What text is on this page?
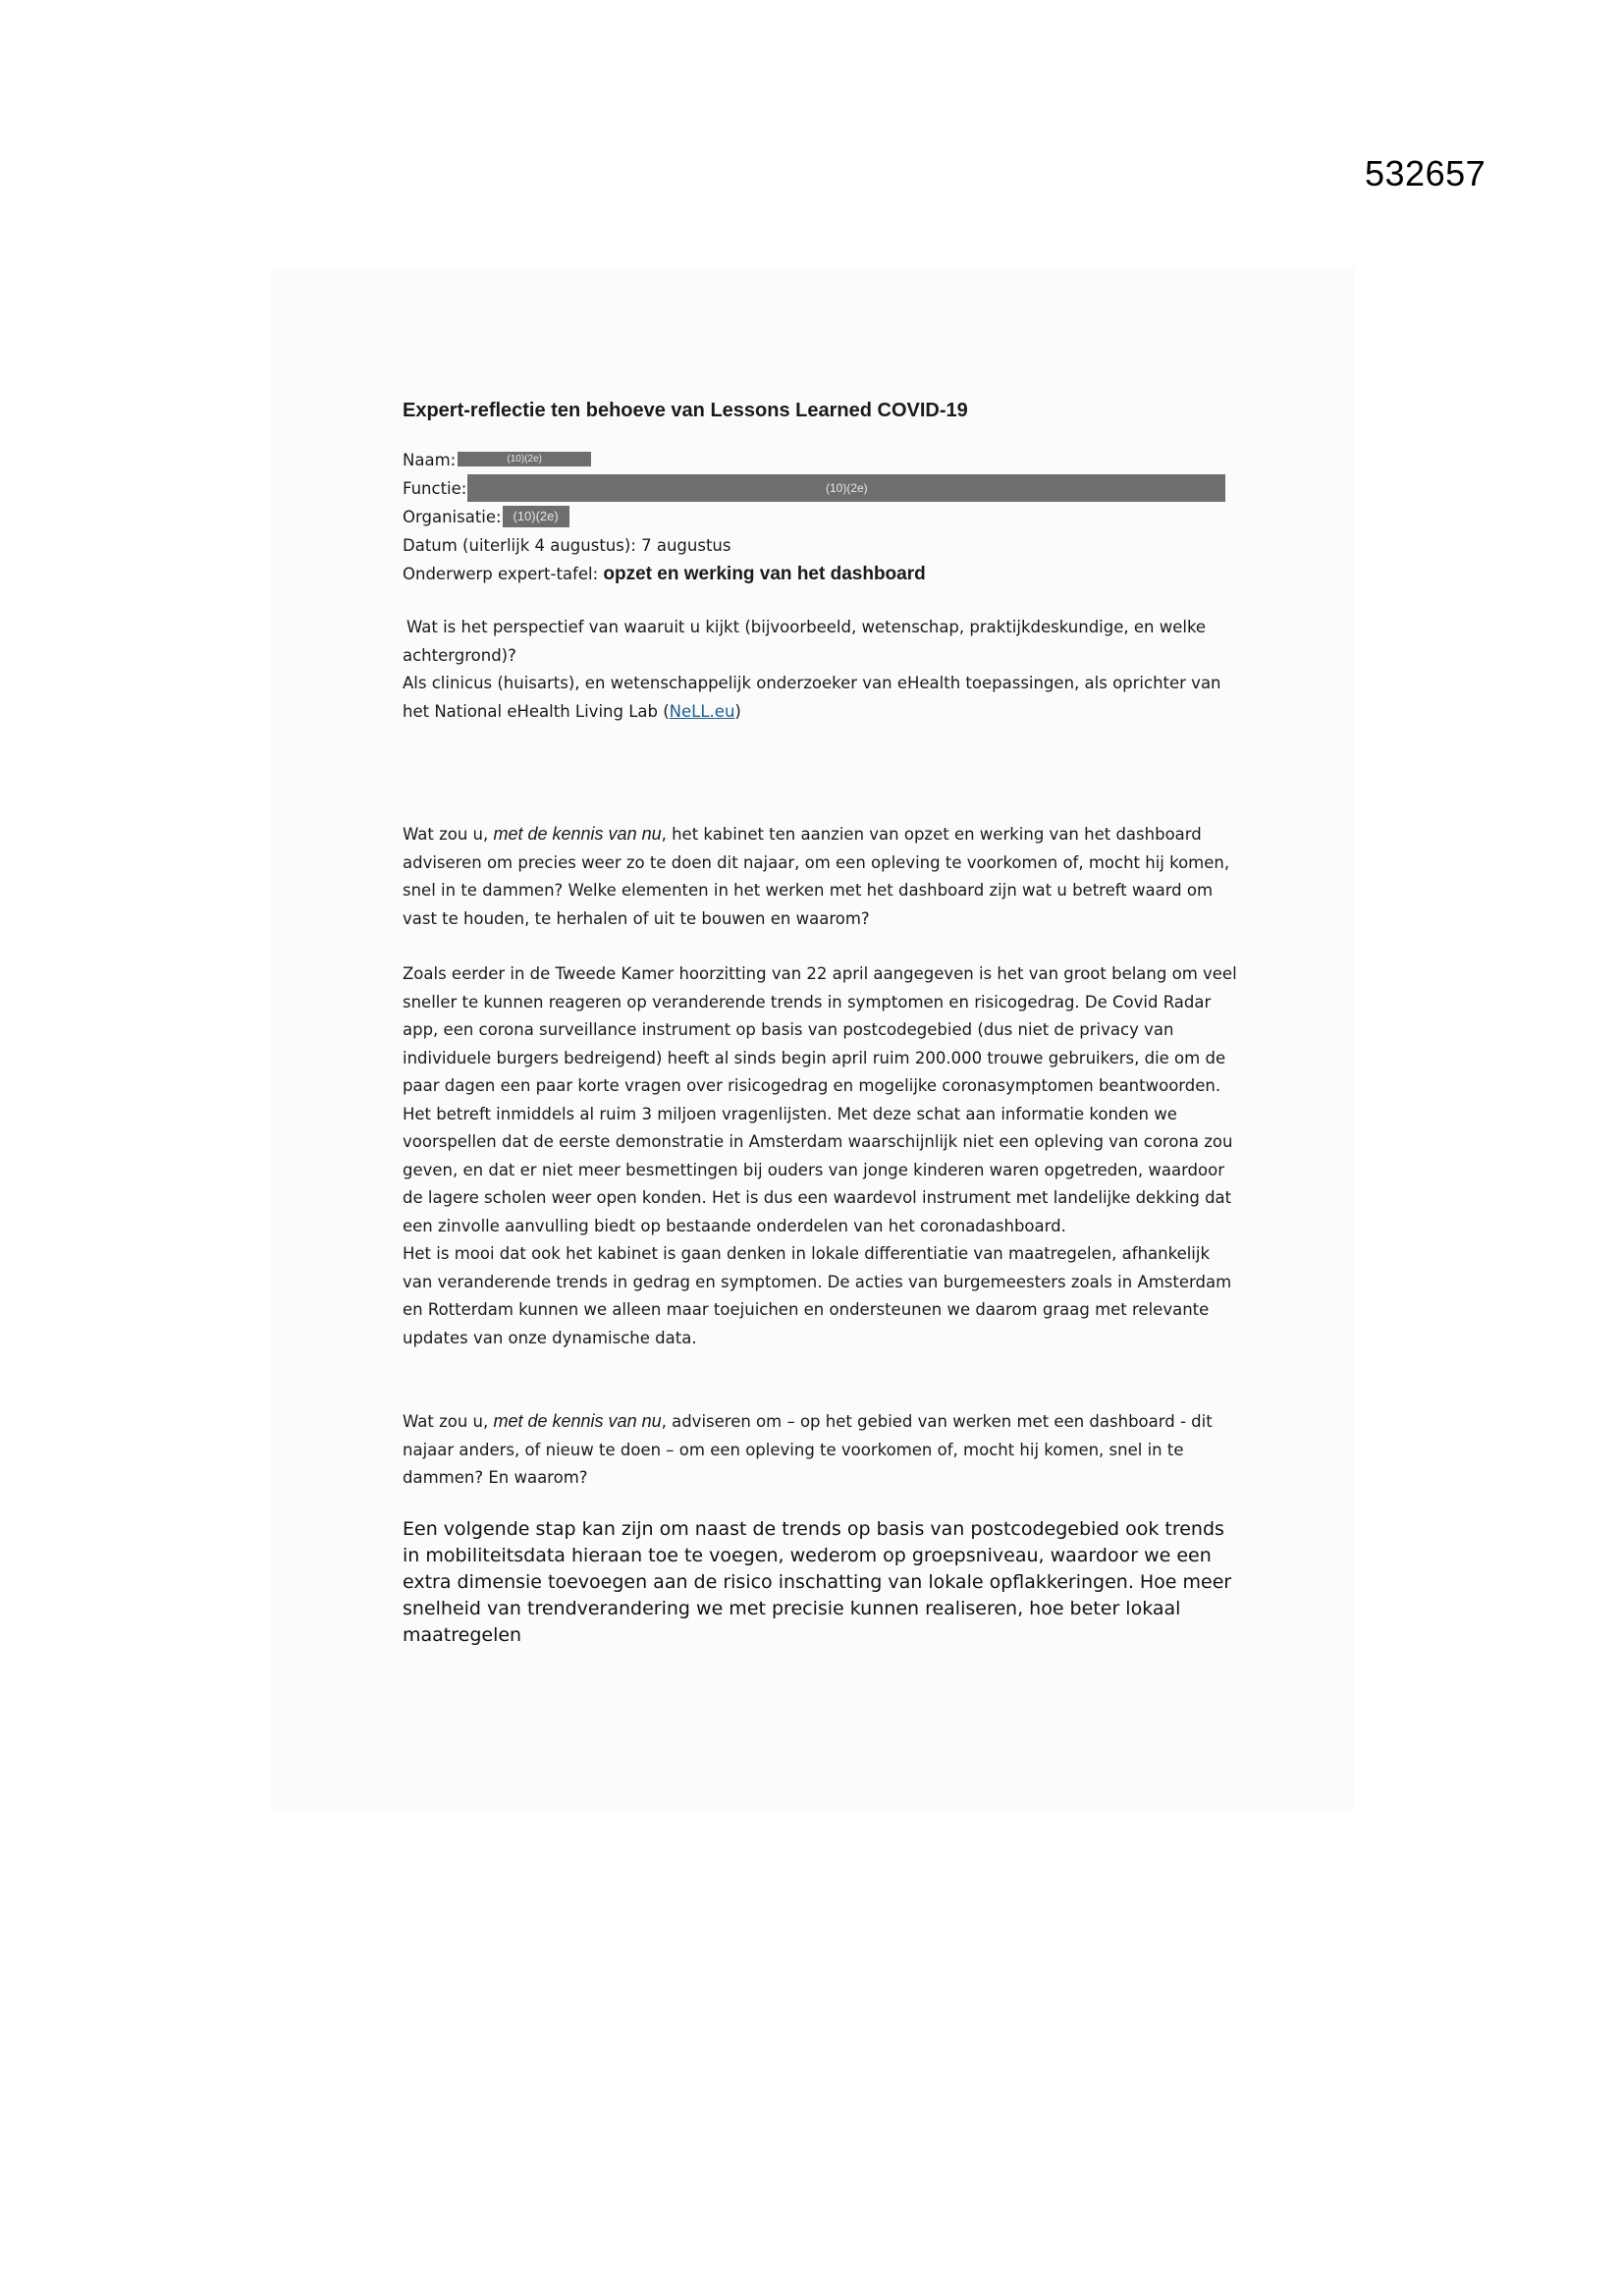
532657
Expert-reflectie ten behoeve van Lessons Learned COVID-19
Naam:	(10)(2e)
Functie:	(10)(2e)
Organisatie: (10)(2e)
Datum (uiterlijk 4 augustus): 7 augustus
Onderwerp expert-tafel: opzet en werking van het dashboard

Wat is het perspectief van waaruit u kijkt (bijvoorbeeld, wetenschap, praktijkdeskundige, en welke achtergrond)?

Als clinicus (huisarts), en wetenschappelijk onderzoeker van eHealth toepassingen, als oprichter van het National eHealth Living Lab (NeLL.eu)

Wat zou u, met de kennis van nu, het kabinet ten aanzien van opzet en werking van het dashboard adviseren om precies weer zo te doen dit najaar, om een opleving te voorkomen of, mocht hij komen, snel in te dammen? Welke elementen in het werken met het dashboard zijn wat u betreft waard om vast te houden, te herhalen of uit te bouwen en waarom?

Zoals eerder in de Tweede Kamer hoorzitting van 22 april aangegeven is het van groot belang om veel sneller te kunnen reageren op veranderende trends in symptomen en risicogedrag. De Covid Radar app, een corona surveillance instrument op basis van postcodegebied (dus niet de privacy van individuele burgers bedreigend) heeft al sinds begin april ruim 200.000 trouwe gebruikers, die om de paar dagen een paar korte vragen over risicogedrag en mogelijke coronasymptomen beantwoorden. Het betreft inmiddels al ruim 3 miljoen vragenlijsten. Met deze schat aan informatie konden we voorspellen dat de eerste demonstratie in Amsterdam waarschijnlijk niet een opleving van corona zou geven, en dat er niet meer besmettingen bij ouders van jonge kinderen waren opgetreden, waardoor de lagere scholen weer open konden. Het is dus een waardevol instrument met landelijke dekking dat een zinvolle aanvulling biedt op bestaande onderdelen van het coronadashboard.

Het is mooi dat ook het kabinet is gaan denken in lokale differentiatie van maatregelen, afhankelijk van veranderende trends in gedrag en symptomen. De acties van burgemeesters zoals in Amsterdam en Rotterdam kunnen we alleen maar toejuichen en ondersteunen we daarom graag met relevante updates van onze dynamische data.

Wat zou u, met de kennis van nu, adviseren om – op het gebied van werken met een dashboard - dit najaar anders, of nieuw te doen – om een opleving te voorkomen of, mocht hij komen, snel in te dammen? En waarom?

Een volgende stap kan zijn om naast de trends op basis van postcodegebied ook trends in mobiliteitsdata hieraan toe te voegen, wederom op groepsniveau, waardoor we een extra dimensie toevoegen aan de risico inschatting van lokale opflakkeringen. Hoe meer snelheid van trendverandering we met precisie kunnen realiseren, hoe beter lokaal maatregelen
